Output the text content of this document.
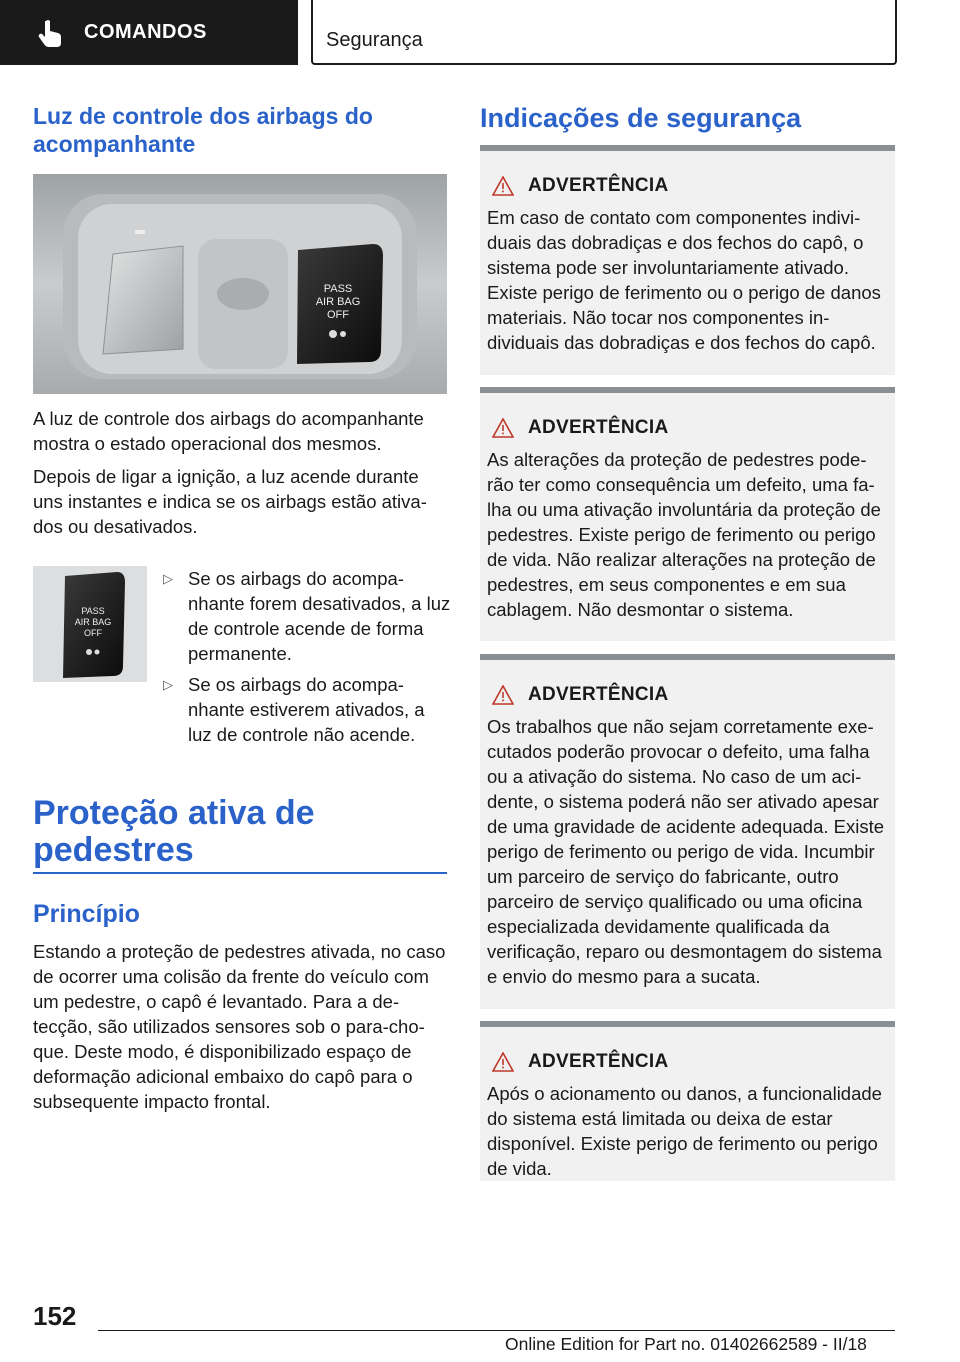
COMANDOS	Segurança
Luz de controle dos airbags do acompanhante
PASS
AIR BAG
OFF

A luz de controle dos airbags do acompanhante mostra o estado operacional dos mesmos.

Depois de ligar a ignição, a luz acende durante uns instantes e indica se os airbags estão ativados ou desativados.

PASS
AIR BAG
OFF
▷ Se os airbags do acompanhante forem desativados, a luz de controle acende de forma permanente.
▷ Se os airbags do acompanhante estiverem ativados, a luz de controle não acende.
Proteção ativa de pedestres
Princípio

Estando a proteção de pedestres ativada, no caso de ocorrer uma colisão da frente do veículo com um pedestre, o capô é levantado. Para a detecção, são utilizados sensores sob o para-choque. Deste modo, é disponibilizado espaço de deformação adicional embaixo do capô para o subsequente impacto frontal.

Indicações de segurança
ADVERTÊNCIA
Em caso de contato com componentes individuais das dobradiças e dos fechos do capô, o sistema pode ser involuntariamente ativado. Existe perigo de ferimento ou o perigo de danos materiais. Não tocar nos componentes individuais das dobradiças e dos fechos do capô.
ADVERTÊNCIA
As alterações da proteção de pedestres poderão ter como consequência um defeito, uma falha ou uma ativação involuntária da proteção de pedestres. Existe perigo de ferimento ou perigo de vida. Não realizar alterações na proteção de pedestres, em seus componentes e em sua cablagem. Não desmontar o sistema.
ADVERTÊNCIA
Os trabalhos que não sejam corretamente executados poderão provocar o defeito, uma falha ou a ativação do sistema. No caso de um acidente, o sistema poderá não ser ativado apesar de uma gravidade de acidente adequada. Existe perigo de ferimento ou perigo de vida. Incumbir um parceiro de serviço do fabricante, outro parceiro de serviço qualificado ou uma oficina especializada devidamente qualificada da verificação, reparo ou desmontagem do sistema e envio do mesmo para a sucata.
ADVERTÊNCIA
Após o acionamento ou danos, a funcionalidade do sistema está limitada ou deixa de estar disponível. Existe perigo de ferimento ou perigo de vida.
152
Online Edition for Part no. 01402662589 - II/18
